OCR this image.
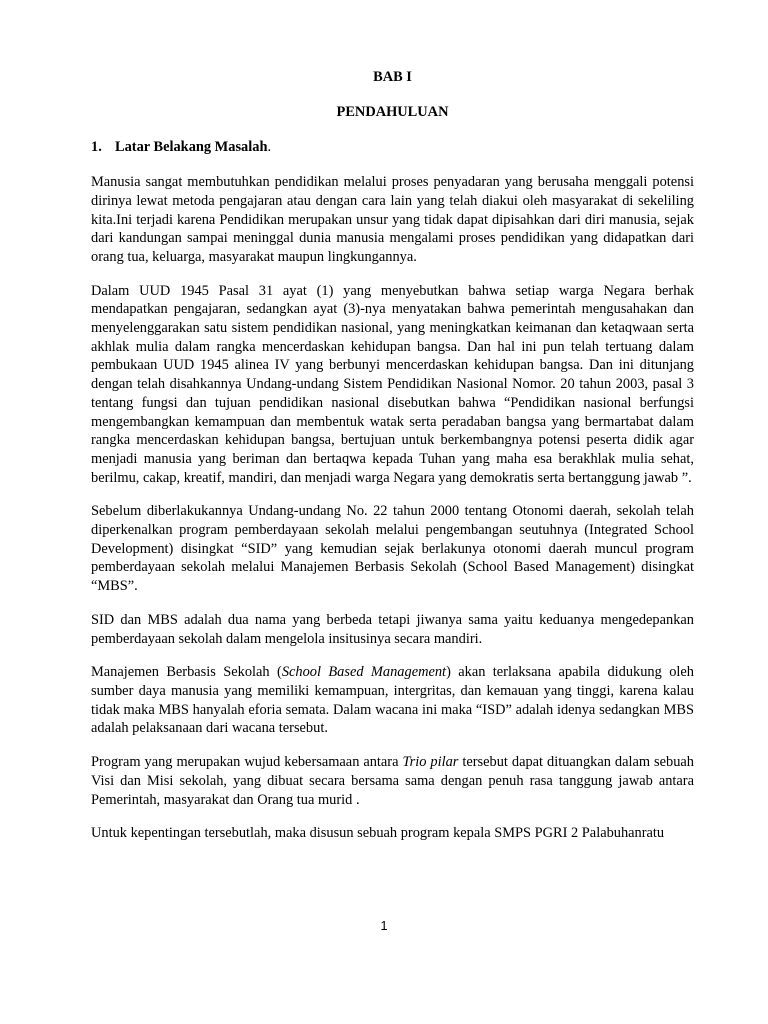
BAB I

PENDAHULUAN

1. Latar Belakang Masalah.

Manusia sangat membutuhkan pendidikan melalui proses penyadaran yang berusaha menggali potensi dirinya lewat metoda pengajaran atau dengan cara lain yang telah diakui oleh masyarakat di sekeliling kita.Ini terjadi karena Pendidikan merupakan unsur yang tidak dapat dipisahkan dari diri manusia, sejak dari kandungan sampai meninggal dunia manusia mengalami proses pendidikan yang didapatkan dari orang tua, keluarga, masyarakat maupun lingkungannya.

Dalam UUD 1945 Pasal 31 ayat (1) yang menyebutkan bahwa setiap warga Negara berhak mendapatkan pengajaran, sedangkan ayat (3)-nya menyatakan bahwa pemerintah mengusahakan dan menyelenggarakan satu sistem pendidikan nasional, yang meningkatkan keimanan dan ketaqwaan serta akhlak mulia dalam rangka mencerdaskan kehidupan bangsa. Dan hal ini pun telah tertuang dalam pembukaan UUD 1945 alinea IV yang berbunyi mencerdaskan kehidupan bangsa. Dan ini ditunjang dengan telah disahkannya Undang-undang Sistem Pendidikan Nasional Nomor. 20 tahun 2003, pasal 3 tentang fungsi dan tujuan pendidikan nasional disebutkan bahwa “Pendidikan nasional berfungsi mengembangkan kemampuan dan membentuk watak serta peradaban bangsa yang bermartabat dalam rangka mencerdaskan kehidupan bangsa, bertujuan untuk berkembangnya potensi peserta didik agar menjadi manusia yang beriman dan bertaqwa kepada Tuhan yang maha esa berakhlak mulia sehat, berilmu, cakap, kreatif, mandiri, dan menjadi warga Negara yang demokratis serta bertanggung jawab ”.

Sebelum diberlakukannya Undang-undang No. 22 tahun 2000 tentang Otonomi daerah, sekolah telah diperkenalkan program pemberdayaan sekolah melalui pengembangan seutuhnya (Integrated School Development) disingkat “SID” yang kemudian sejak berlakunya otonomi daerah muncul program pemberdayaan sekolah melalui Manajemen Berbasis Sekolah (School Based Management) disingkat “MBS”.

SID dan MBS adalah dua nama yang berbeda tetapi jiwanya sama yaitu keduanya mengedepankan pemberdayaan sekolah dalam mengelola insitusinya secara mandiri.

Manajemen Berbasis Sekolah (School Based Management) akan terlaksana apabila didukung oleh sumber daya manusia yang memiliki kemampuan, intergritas, dan kemauan yang tinggi, karena kalau tidak maka MBS hanyalah eforia semata. Dalam wacana ini maka “ISD” adalah idenya sedangkan MBS adalah pelaksanaan dari wacana tersebut.

Program yang merupakan wujud kebersamaan antara Trio pilar tersebut dapat dituangkan dalam sebuah Visi dan Misi sekolah, yang dibuat secara bersama sama dengan penuh rasa tanggung jawab antara Pemerintah, masyarakat dan Orang tua murid .

Untuk kepentingan tersebutlah, maka disusun sebuah program kepala SMPS PGRI 2 Palabuhanratu

1
